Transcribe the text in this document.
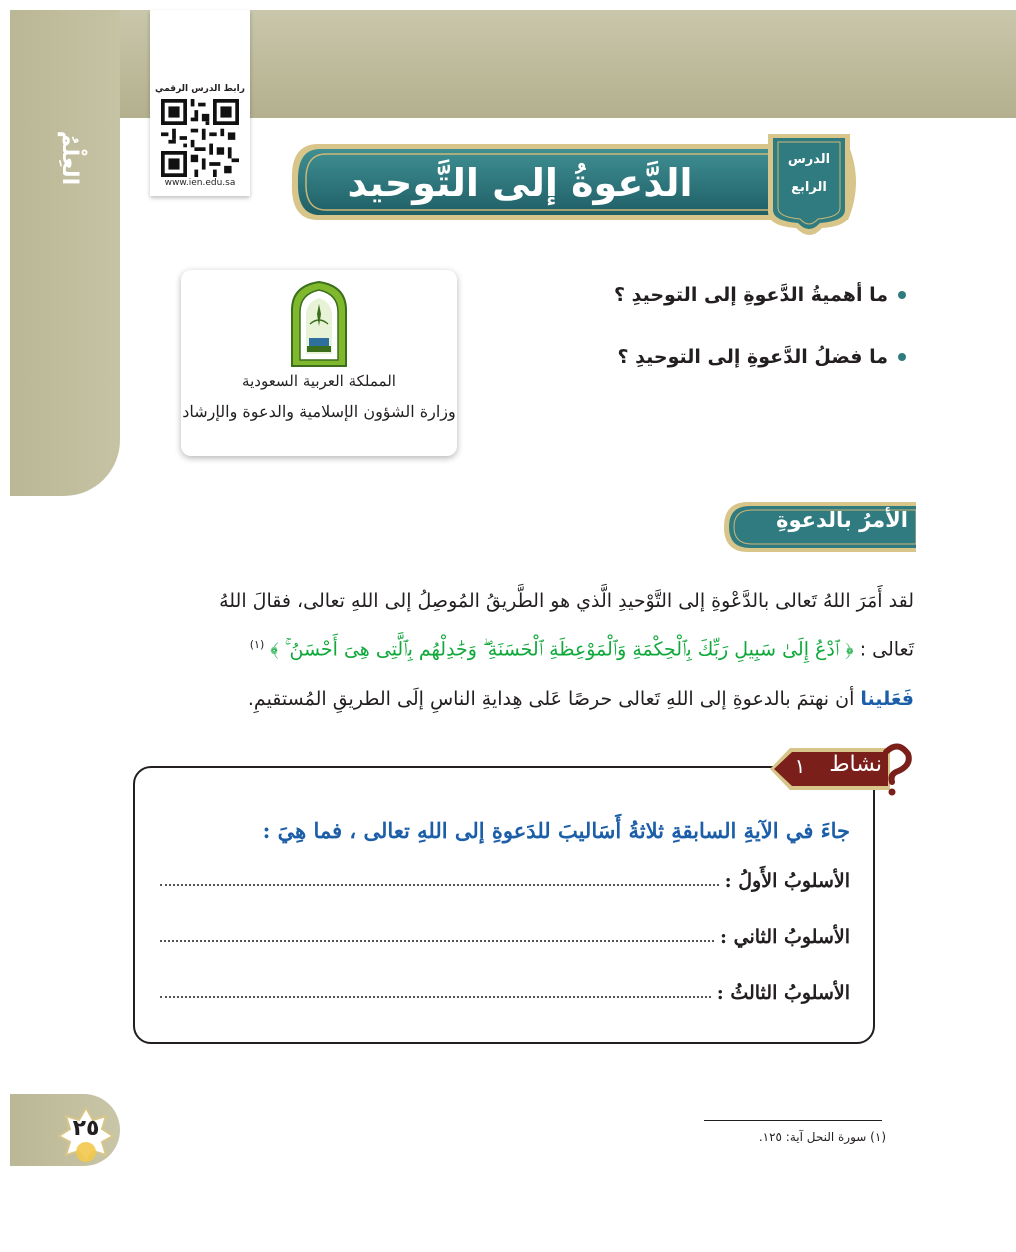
العِلْمُ
رابط الدرس الرقمي
www.ien.edu.sa	الدَّعوةُ إلى التَّوحيد
الدرس
الرابع
ما أهميةُ الدَّعوةِ إلى التوحيدِ ؟
ما فضلُ الدَّعوةِ إلى التوحيدِ ؟
المملكة العربية السعودية
وزارة الشؤون الإسلامية والدعوة والإرشاد
الأمرُ بالدعوةِ
لقد أَمَرَ اللهُ تَعالى بالدَّعْوةِ إلى التَّوْحيدِ الَّذي هو الطَّريقُ المُوصِلُ إلى اللهِ تعالى، فقالَ اللهُ
تَعالى : ﴿ ٱدْعُ إِلَىٰ سَبِيلِ رَبِّكَ بِٱلْحِكْمَةِ وَٱلْمَوْعِظَةِ ٱلْحَسَنَةِ ۖ وَجَٰدِلْهُم بِٱلَّتِى هِىَ أَحْسَنُ ۚ ﴾ $^{(١)}$
فَعَلينا أن نهتمَ بالدعوةِ إلى اللهِ تَعالى حرصًا عَلى هِدايةِ الناسِ إلَى الطريقِ المُستقيمِ.
نشاط
١
جاءَ في الآيةِ السابقةِ ثلاثةُ أَسَاليبَ للدَعوةِ إلى اللهِ تعالى ، فما هِيَ :
الأسلوبُ الأَولُ :
الأسلوبُ الثاني :
الأسلوبُ الثالثُ :
٢٥	(١) سورة النحل آية: ١٢٥.
